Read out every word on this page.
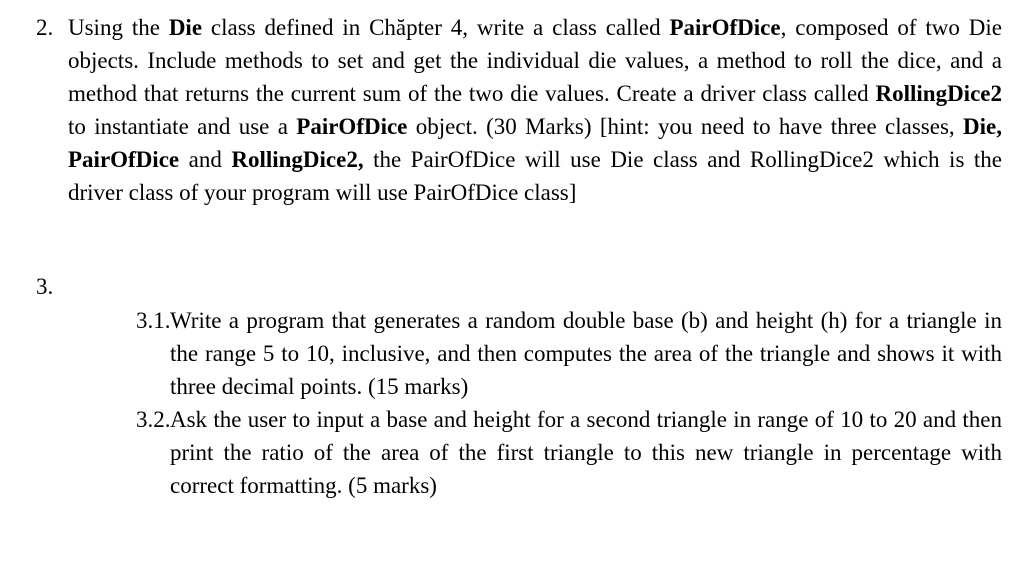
2. Using the Die class defined in Chăpter 4, write a class called PairOfDice, composed of two Die objects. Include methods to set and get the individual die values, a method to roll the dice, and a method that returns the current sum of the two die values. Create a driver class called RollingDice2 to instantiate and use a PairOfDice object. (30 Marks) [hint: you need to have three classes, Die, PairOfDice and RollingDice2, the PairOfDice will use Die class and RollingDice2 which is the driver class of your program will use PairOfDice class]
3.
3.1. Write a program that generates a random double base (b) and height (h) for a triangle in the range 5 to 10, inclusive, and then computes the area of the triangle and shows it with three decimal points. (15 marks)
3.2. Ask the user to input a base and height for a second triangle in range of 10 to 20 and then print the ratio of the area of the first triangle to this new triangle in percentage with correct formatting. (5 marks)
